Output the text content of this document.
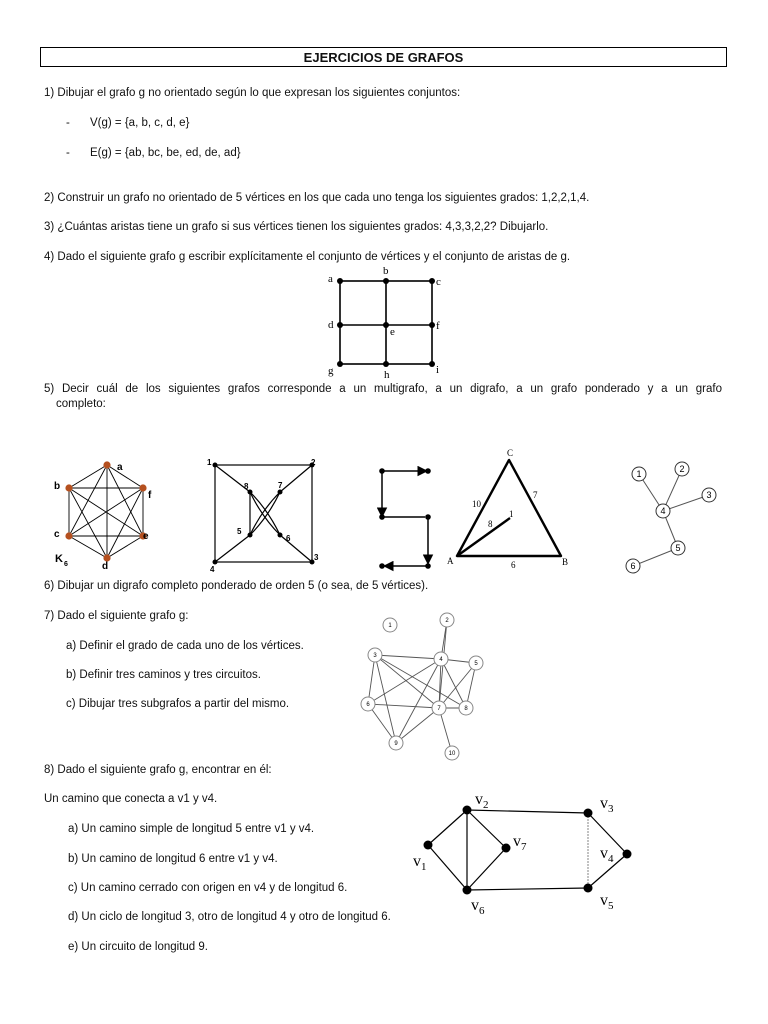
EJERCICIOS DE GRAFOS
1) Dibujar el grafo g no orientado según lo que expresan los siguientes conjuntos:
- V(g) = {a, b, c, d, e}
- E(g) = {ab, bc, be, ed, de, ad}
2) Construir un grafo no orientado de 5 vértices en los que cada uno tenga los siguientes grados: 1,2,2,1,4.
3) ¿Cuántas aristas tiene un grafo si sus vértices tienen los siguientes grados: 4,3,3,2,2? Dibujarlo.
4) Dado el siguiente grafo g escribir explícitamente el conjunto de vértices y el conjunto de aristas de g.
a
b
c
d
e	f
g	h	i
5) Decir cuál de los siguientes grafos corresponde a un multigrafo, a un digrafo, a un grafo ponderado y a un grafo
completo:
a
b
c
d
e
f
K 6
1	2
3
4
5
6
7
8
C
A	B
10
7
6
8
1
1	2
3
4
5
6
6) Dibujar un digrafo completo ponderado de orden 5 (o sea, de 5 vértices).
7) Dado el siguiente grafo g:
a) Definir el grado de cada uno de los vértices.
b) Definir tres caminos y tres circuitos.
c) Dibujar tres subgrafos a partir del mismo.
1
2
3
4
5
6
7	8
9
10
8) Dado el siguiente grafo g, encontrar en él:
Un camino que conecta a v1 y v4.
a) Un camino simple de longitud 5 entre v1 y v4.
b) Un camino de longitud 6 entre v1 y v4.
c) Un camino cerrado con origen en v4 y de longitud 6.
d) Un ciclo de longitud 3, otro de longitud 4 y otro de longitud 6.
e) Un circuito de longitud 9.
$v_1$
$v_2$	$v_3$
$v_4$
$v_5$
$v_6$
$v_7$
